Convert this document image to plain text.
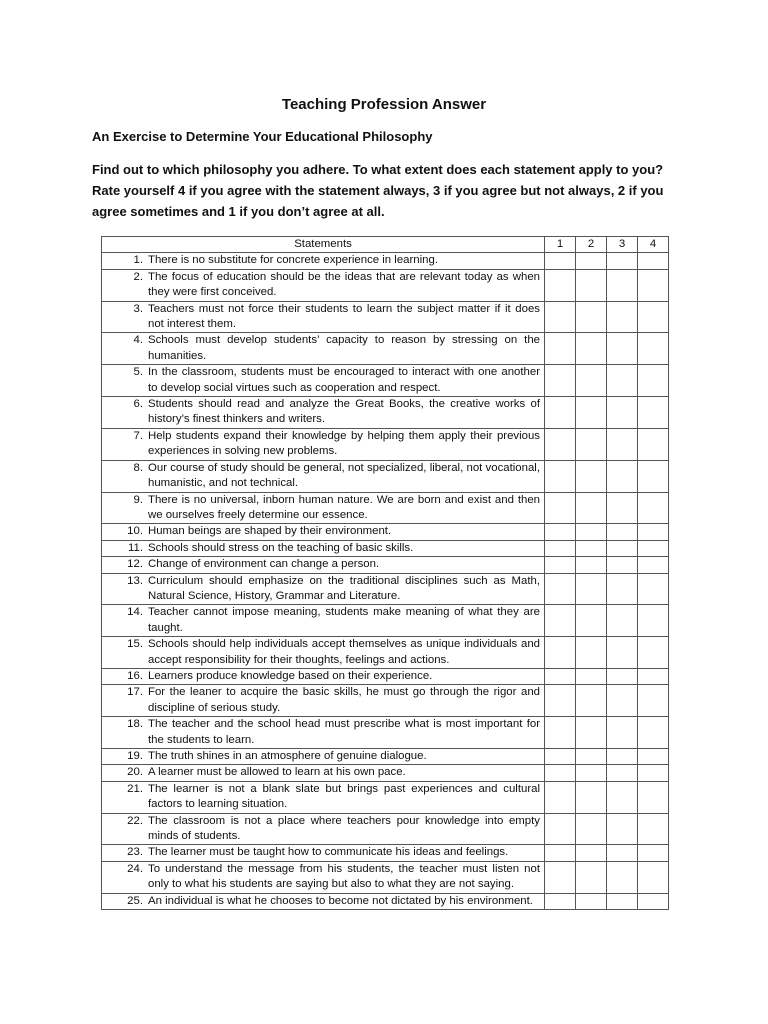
Teaching Profession Answer
An Exercise to Determine Your Educational Philosophy
Find out to which philosophy you adhere. To what extent does each statement apply to you? Rate yourself 4 if you agree with the statement always, 3 if you agree but not always, 2 if you agree sometimes and 1 if you don’t agree at all.
Statements	1	2	3	4

1. There is no substitute for concrete experience in learning.				

2. The focus of education should be the ideas that are relevant today as when they were first conceived.				

3. Teachers must not force their students to learn the subject matter if it does not interest them.				

4. Schools must develop students’ capacity to reason by stressing on the humanities.				

5. In the classroom, students must be encouraged to interact with one another to develop social virtues such as cooperation and respect.				

6. Students should read and analyze the Great Books, the creative works of history’s finest thinkers and writers.				

7. Help students expand their knowledge by helping them apply their previous experiences in solving new problems.				

8. Our course of study should be general, not specialized, liberal, not vocational, humanistic, and not technical.				

9. There is no universal, inborn human nature. We are born and exist and then we ourselves freely determine our essence.				

10. Human beings are shaped by their environment.				

11. Schools should stress on the teaching of basic skills.				

12. Change of environment can change a person.				

13. Curriculum should emphasize on the traditional disciplines such as Math, Natural Science, History, Grammar and Literature.				

14. Teacher cannot impose meaning, students make meaning of what they are taught.				

15. Schools should help individuals accept themselves as unique individuals and accept responsibility for their thoughts, feelings and actions.				

16. Learners produce knowledge based on their experience.				

17. For the leaner to acquire the basic skills, he must go through the rigor and discipline of serious study.				

18. The teacher and the school head must prescribe what is most important for the students to learn.				

19. The truth shines in an atmosphere of genuine dialogue.				

20. A learner must be allowed to learn at his own pace.				

21. The learner is not a blank slate but brings past experiences and cultural factors to learning situation.				

22. The classroom is not a place where teachers pour knowledge into empty minds of students.				

23. The learner must be taught how to communicate his ideas and feelings.				

24. To understand the message from his students, the teacher must listen not only to what his students are saying but also to what they are not saying.				

25. An individual is what he chooses to become not dictated by his environment.				
